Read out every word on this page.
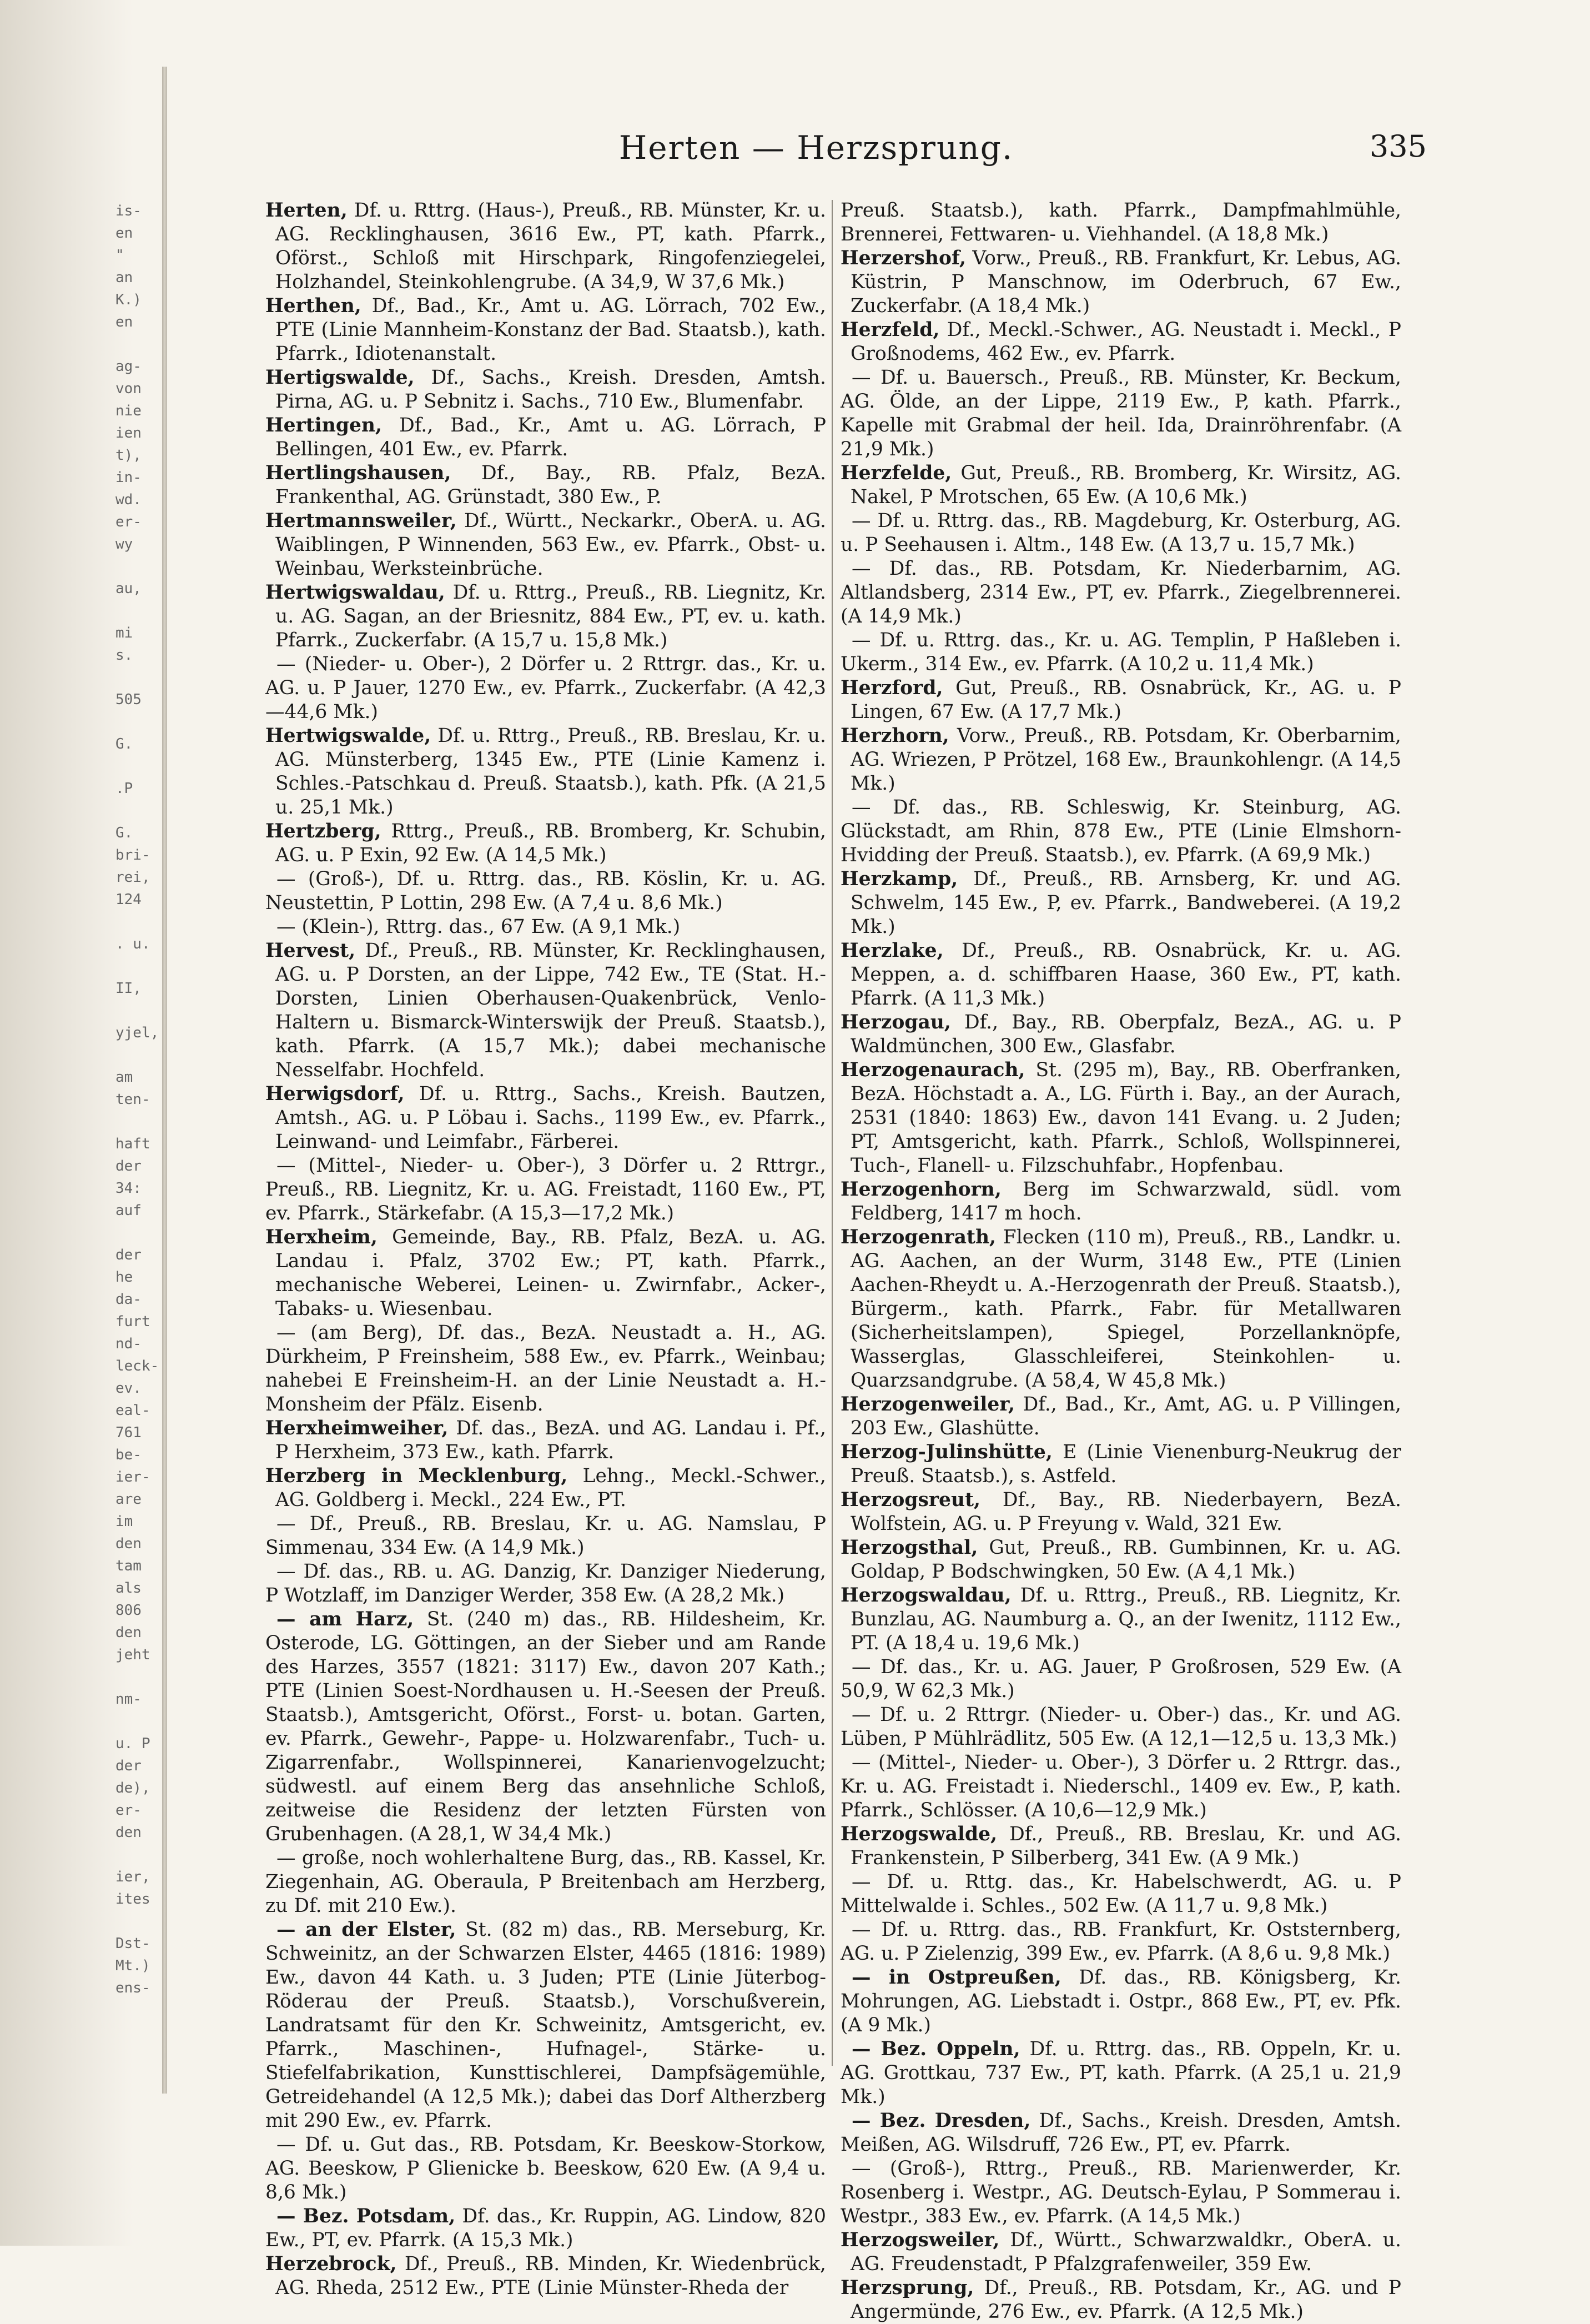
is-
en
"
an
K.)
en

ag-
von
nie
ien
t),
in-
wd.
er-
wy

au,

mi
s.

505

G.

.P

G.
bri-
rei,
124

. u.

II,

yjel,

am
ten-

haft
der
34:
auf

der
he
da-
furt
nd-
leck-
ev.
eal-
761
be-
ier-
are
im
den
tam
als
806
den
jeht

nm-

u. P
der
de),
er-
den

ier,
ites

Dst-
Mt.)
ens-
Herten — Herzsprung.	335

Herten, Df. u. Rttrg. (Haus-), Preuß., RB. Münster, Kr. u. AG. Recklinghausen, 3616 Ew., PT, kath. Pfarrk., Oförst., Schloß mit Hirschpark, Ringofenziegelei, Holzhandel, Steinkohlengrube. (A 34,9, W 37,6 Mk.)

Herthen, Df., Bad., Kr., Amt u. AG. Lörrach, 702 Ew., PTE (Linie Mannheim-Konstanz der Bad. Staatsb.), kath. Pfarrk., Idiotenanstalt.

Hertigswalde, Df., Sachs., Kreish. Dresden, Amtsh. Pirna, AG. u. P Sebnitz i. Sachs., 710 Ew., Blumenfabr.

Hertingen, Df., Bad., Kr., Amt u. AG. Lörrach, P Bellingen, 401 Ew., ev. Pfarrk.

Hertlingshausen, Df., Bay., RB. Pfalz, BezA. Frankenthal, AG. Grünstadt, 380 Ew., P.

Hertmannsweiler, Df., Württ., Neckarkr., OberA. u. AG. Waiblingen, P Winnenden, 563 Ew., ev. Pfarrk., Obst- u. Weinbau, Werksteinbrüche.

Hertwigswaldau, Df. u. Rttrg., Preuß., RB. Liegnitz, Kr. u. AG. Sagan, an der Briesnitz, 884 Ew., PT, ev. u. kath. Pfarrk., Zuckerfabr. (A 15,7 u. 15,8 Mk.)

— (Nieder- u. Ober-), 2 Dörfer u. 2 Rttrgr. das., Kr. u. AG. u. P Jauer, 1270 Ew., ev. Pfarrk., Zuckerfabr. (A 42,3—44,6 Mk.)

Hertwigswalde, Df. u. Rttrg., Preuß., RB. Breslau, Kr. u. AG. Münsterberg, 1345 Ew., PTE (Linie Kamenz i. Schles.-Patschkau d. Preuß. Staatsb.), kath. Pfk. (A 21,5 u. 25,1 Mk.)

Hertzberg, Rttrg., Preuß., RB. Bromberg, Kr. Schubin, AG. u. P Exin, 92 Ew. (A 14,5 Mk.)

— (Groß-), Df. u. Rttrg. das., RB. Köslin, Kr. u. AG. Neustettin, P Lottin, 298 Ew. (A 7,4 u. 8,6 Mk.)

— (Klein-), Rttrg. das., 67 Ew. (A 9,1 Mk.)

Hervest, Df., Preuß., RB. Münster, Kr. Recklinghausen, AG. u. P Dorsten, an der Lippe, 742 Ew., TE (Stat. H.-Dorsten, Linien Oberhausen-Quakenbrück, Venlo-Haltern u. Bismarck-Winterswijk der Preuß. Staatsb.), kath. Pfarrk. (A 15,7 Mk.); dabei mechanische Nesselfabr. Hochfeld.

Herwigsdorf, Df. u. Rttrg., Sachs., Kreish. Bautzen, Amtsh., AG. u. P Löbau i. Sachs., 1199 Ew., ev. Pfarrk., Leinwand- und Leimfabr., Färberei.

— (Mittel-, Nieder- u. Ober-), 3 Dörfer u. 2 Rttrgr., Preuß., RB. Liegnitz, Kr. u. AG. Freistadt, 1160 Ew., PT, ev. Pfarrk., Stärkefabr. (A 15,3—17,2 Mk.)

Herxheim, Gemeinde, Bay., RB. Pfalz, BezA. u. AG. Landau i. Pfalz, 3702 Ew.; PT, kath. Pfarrk., mechanische Weberei, Leinen- u. Zwirnfabr., Acker-, Tabaks- u. Wiesenbau.

— (am Berg), Df. das., BezA. Neustadt a. H., AG. Dürkheim, P Freinsheim, 588 Ew., ev. Pfarrk., Weinbau; nahebei E Freinsheim-H. an der Linie Neustadt a. H.-Monsheim der Pfälz. Eisenb.

Herxheimweiher, Df. das., BezA. und AG. Landau i. Pf., P Herxheim, 373 Ew., kath. Pfarrk.

Herzberg in Mecklenburg, Lehng., Meckl.-Schwer., AG. Goldberg i. Meckl., 224 Ew., PT.

— Df., Preuß., RB. Breslau, Kr. u. AG. Namslau, P Simmenau, 334 Ew. (A 14,9 Mk.)

— Df. das., RB. u. AG. Danzig, Kr. Danziger Niederung, P Wotzlaff, im Danziger Werder, 358 Ew. (A 28,2 Mk.)

— am Harz, St. (240 m) das., RB. Hildesheim, Kr. Osterode, LG. Göttingen, an der Sieber und am Rande des Harzes, 3557 (1821: 3117) Ew., davon 207 Kath.; PTE (Linien Soest-Nordhausen u. H.-Seesen der Preuß. Staatsb.), Amtsgericht, Oförst., Forst- u. botan. Garten, ev. Pfarrk., Gewehr-, Pappe- u. Holzwarenfabr., Tuch- u. Zigarrenfabr., Wollspinnerei, Kanarienvogelzucht; südwestl. auf einem Berg das ansehnliche Schloß, zeitweise die Residenz der letzten Fürsten von Grubenhagen. (A 28,1, W 34,4 Mk.)

— große, noch wohlerhaltene Burg, das., RB. Kassel, Kr. Ziegenhain, AG. Oberaula, P Breitenbach am Herzberg, zu Df. mit 210 Ew.).

— an der Elster, St. (82 m) das., RB. Merseburg, Kr. Schweinitz, an der Schwarzen Elster, 4465 (1816: 1989) Ew., davon 44 Kath. u. 3 Juden; PTE (Linie Jüterbog-Röderau der Preuß. Staatsb.), Vorschußverein, Landratsamt für den Kr. Schweinitz, Amtsgericht, ev. Pfarrk., Maschinen-, Hufnagel-, Stärke- u. Stiefelfabrikation, Kunsttischlerei, Dampfsägemühle, Getreidehandel (A 12,5 Mk.); dabei das Dorf Altherzberg mit 290 Ew., ev. Pfarrk.

— Df. u. Gut das., RB. Potsdam, Kr. Beeskow-Storkow, AG. Beeskow, P Glienicke b. Beeskow, 620 Ew. (A 9,4 u. 8,6 Mk.)

— Bez. Potsdam, Df. das., Kr. Ruppin, AG. Lindow, 820 Ew., PT, ev. Pfarrk. (A 15,3 Mk.)

Herzebrock, Df., Preuß., RB. Minden, Kr. Wiedenbrück, AG. Rheda, 2512 Ew., PTE (Linie Münster-Rheda der

Preuß. Staatsb.), kath. Pfarrk., Dampfmahlmühle, Brennerei, Fettwaren- u. Viehhandel. (A 18,8 Mk.)

Herzershof, Vorw., Preuß., RB. Frankfurt, Kr. Lebus, AG. Küstrin, P Manschnow, im Oderbruch, 67 Ew., Zuckerfabr. (A 18,4 Mk.)

Herzfeld, Df., Meckl.-Schwer., AG. Neustadt i. Meckl., P Großnodems, 462 Ew., ev. Pfarrk.

— Df. u. Bauersch., Preuß., RB. Münster, Kr. Beckum, AG. Ölde, an der Lippe, 2119 Ew., P, kath. Pfarrk., Kapelle mit Grabmal der heil. Ida, Drainröhrenfabr. (A 21,9 Mk.)

Herzfelde, Gut, Preuß., RB. Bromberg, Kr. Wirsitz, AG. Nakel, P Mrotschen, 65 Ew. (A 10,6 Mk.)

— Df. u. Rttrg. das., RB. Magdeburg, Kr. Osterburg, AG. u. P Seehausen i. Altm., 148 Ew. (A 13,7 u. 15,7 Mk.)

— Df. das., RB. Potsdam, Kr. Niederbarnim, AG. Altlandsberg, 2314 Ew., PT, ev. Pfarrk., Ziegelbrennerei. (A 14,9 Mk.)

— Df. u. Rttrg. das., Kr. u. AG. Templin, P Haßleben i. Ukerm., 314 Ew., ev. Pfarrk. (A 10,2 u. 11,4 Mk.)

Herzford, Gut, Preuß., RB. Osnabrück, Kr., AG. u. P Lingen, 67 Ew. (A 17,7 Mk.)

Herzhorn, Vorw., Preuß., RB. Potsdam, Kr. Oberbarnim, AG. Wriezen, P Prötzel, 168 Ew., Braunkohlengr. (A 14,5 Mk.)

— Df. das., RB. Schleswig, Kr. Steinburg, AG. Glückstadt, am Rhin, 878 Ew., PTE (Linie Elmshorn-Hvidding der Preuß. Staatsb.), ev. Pfarrk. (A 69,9 Mk.)

Herzkamp, Df., Preuß., RB. Arnsberg, Kr. und AG. Schwelm, 145 Ew., P, ev. Pfarrk., Bandweberei. (A 19,2 Mk.)

Herzlake, Df., Preuß., RB. Osnabrück, Kr. u. AG. Meppen, a. d. schiffbaren Haase, 360 Ew., PT, kath. Pfarrk. (A 11,3 Mk.)

Herzogau, Df., Bay., RB. Oberpfalz, BezA., AG. u. P Waldmünchen, 300 Ew., Glasfabr.

Herzogenaurach, St. (295 m), Bay., RB. Oberfranken, BezA. Höchstadt a. A., LG. Fürth i. Bay., an der Aurach, 2531 (1840: 1863) Ew., davon 141 Evang. u. 2 Juden; PT, Amtsgericht, kath. Pfarrk., Schloß, Wollspinnerei, Tuch-, Flanell- u. Filzschuhfabr., Hopfenbau.

Herzogenhorn, Berg im Schwarzwald, südl. vom Feldberg, 1417 m hoch.

Herzogenrath, Flecken (110 m), Preuß., RB., Landkr. u. AG. Aachen, an der Wurm, 3148 Ew., PTE (Linien Aachen-Rheydt u. A.-Herzogenrath der Preuß. Staatsb.), Bürgerm., kath. Pfarrk., Fabr. für Metallwaren (Sicherheitslampen), Spiegel, Porzellanknöpfe, Wasserglas, Glasschleiferei, Steinkohlen- u. Quarzsandgrube. (A 58,4, W 45,8 Mk.)

Herzogenweiler, Df., Bad., Kr., Amt, AG. u. P Villingen, 203 Ew., Glashütte.

Herzog-Julinshütte, E (Linie Vienenburg-Neukrug der Preuß. Staatsb.), s. Astfeld.

Herzogsreut, Df., Bay., RB. Niederbayern, BezA. Wolfstein, AG. u. P Freyung v. Wald, 321 Ew.

Herzogsthal, Gut, Preuß., RB. Gumbinnen, Kr. u. AG. Goldap, P Bodschwingken, 50 Ew. (A 4,1 Mk.)

Herzogswaldau, Df. u. Rttrg., Preuß., RB. Liegnitz, Kr. Bunzlau, AG. Naumburg a. Q., an der Iwenitz, 1112 Ew., PT. (A 18,4 u. 19,6 Mk.)

— Df. das., Kr. u. AG. Jauer, P Großrosen, 529 Ew. (A 50,9, W 62,3 Mk.)

— Df. u. 2 Rttrgr. (Nieder- u. Ober-) das., Kr. und AG. Lüben, P Mühlrädlitz, 505 Ew. (A 12,1—12,5 u. 13,3 Mk.)

— (Mittel-, Nieder- u. Ober-), 3 Dörfer u. 2 Rttrgr. das., Kr. u. AG. Freistadt i. Niederschl., 1409 ev. Ew., P, kath. Pfarrk., Schlösser. (A 10,6—12,9 Mk.)

Herzogswalde, Df., Preuß., RB. Breslau, Kr. und AG. Frankenstein, P Silberberg, 341 Ew. (A 9 Mk.)

— Df. u. Rttg. das., Kr. Habelschwerdt, AG. u. P Mittelwalde i. Schles., 502 Ew. (A 11,7 u. 9,8 Mk.)

— Df. u. Rttrg. das., RB. Frankfurt, Kr. Oststernberg, AG. u. P Zielenzig, 399 Ew., ev. Pfarrk. (A 8,6 u. 9,8 Mk.)

— in Ostpreußen, Df. das., RB. Königsberg, Kr. Mohrungen, AG. Liebstadt i. Ostpr., 868 Ew., PT, ev. Pfk. (A 9 Mk.)

— Bez. Oppeln, Df. u. Rttrg. das., RB. Oppeln, Kr. u. AG. Grottkau, 737 Ew., PT, kath. Pfarrk. (A 25,1 u. 21,9 Mk.)

— Bez. Dresden, Df., Sachs., Kreish. Dresden, Amtsh. Meißen, AG. Wilsdruff, 726 Ew., PT, ev. Pfarrk.

— (Groß-), Rttrg., Preuß., RB. Marienwerder, Kr. Rosenberg i. Westpr., AG. Deutsch-Eylau, P Sommerau i. Westpr., 383 Ew., ev. Pfarrk. (A 14,5 Mk.)

Herzogsweiler, Df., Württ., Schwarzwaldkr., OberA. u. AG. Freudenstadt, P Pfalzgrafenweiler, 359 Ew.

Herzsprung, Df., Preuß., RB. Potsdam, Kr., AG. und P Angermünde, 276 Ew., ev. Pfarrk. (A 12,5 Mk.)
